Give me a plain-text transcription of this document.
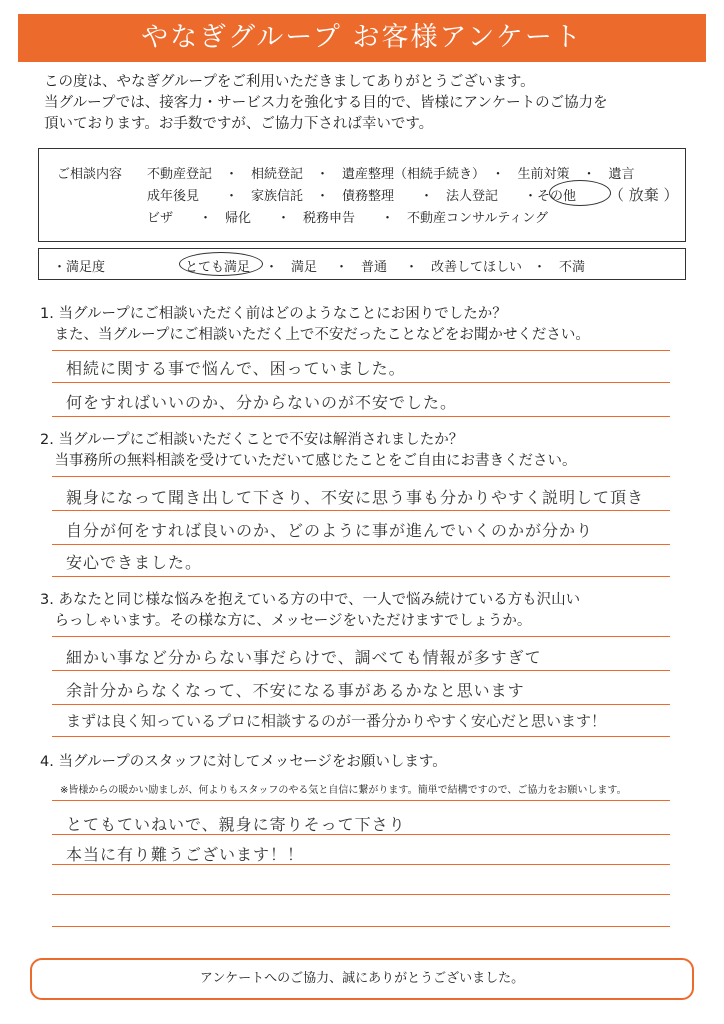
やなぎグループ お客様アンケート
この度は、やなぎグループをご利用いただきましてありがとうございます。
当グループでは、接客力・サービス力を強化する目的で、皆様にアンケートのご協力を
頂いております。お手数ですが、ご協力下されば幸いです。
ご相談内容 不動産登記　・　相続登記　・　遺産整理（相続手続き）　・　生前対策　・　遺言
成年後見　　・　家族信託　・　債務整理　　・　法人登記　　・その他
ビザ　　・　帰化　　・　税務申告　　・　不動産コンサルティング
（ 放棄 ）
・満足度	とても満足 ・　満足 ・　普通 ・　改善してほしい ・　不満
1. 当グループにご相談いただく前はどのようなことにお困りでしたか？
　また、当グループにご相談いただく上で不安だったことなどをお聞かせください。
相続に関する事で悩んで、困っていました。
何をすればいいのか、分からないのが不安でした。
2. 当グループにご相談いただくことで不安は解消されましたか？
　当事務所の無料相談を受けていただいて感じたことをご自由にお書きください。
親身になって聞き出して下さり、不安に思う事も分かりやすく説明して頂き
自分が何をすれば良いのか、どのように事が進んでいくのかが分かり
安心できました。
3. あなたと同じ様な悩みを抱えている方の中で、一人で悩み続けている方も沢山い
　らっしゃいます。その様な方に、メッセージをいただけますでしょうか。
細かい事など分からない事だらけで、調べても情報が多すぎて
余計分からなくなって、不安になる事があるかなと思います
まずは良く知っているプロに相談するのが一番分かりやすく安心だと思います！
4. 当グループのスタッフに対してメッセージをお願いします。
※皆様からの暖かい励ましが、何よりもスタッフのやる気と自信に繋がります。簡単で結構ですので、ご協力をお願いします。
とてもていねいで、親身に寄りそって下さり
本当に有り難うございます！！
アンケートへのご協力、誠にありがとうございました。
